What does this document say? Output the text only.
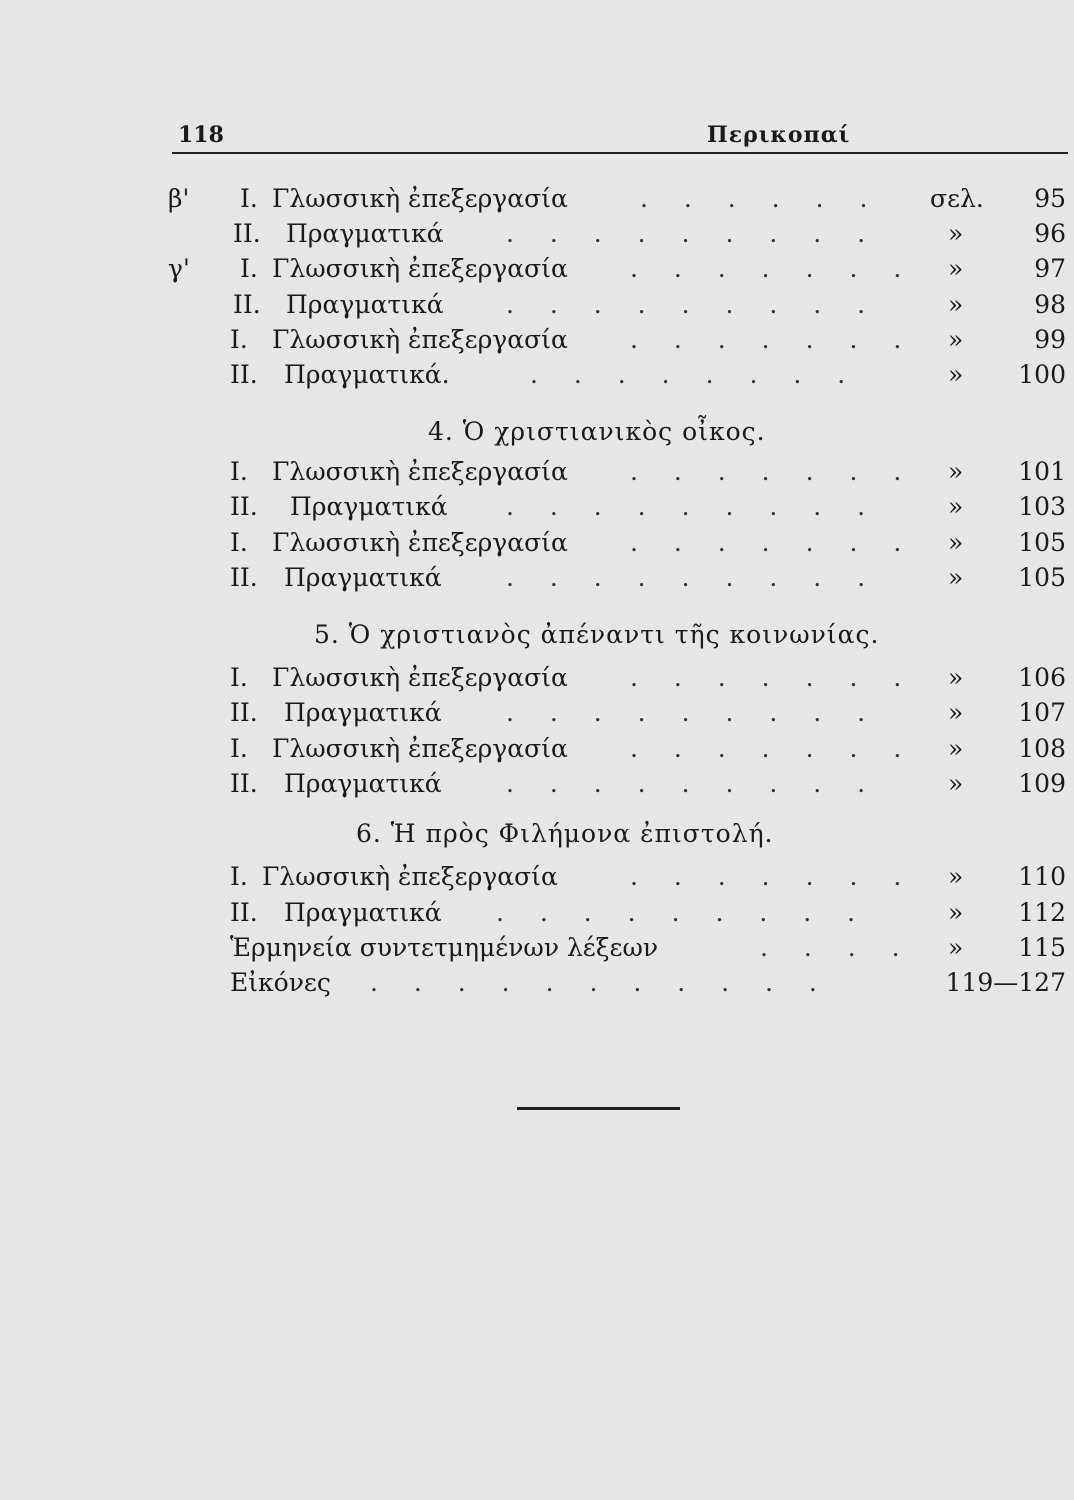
118	Περικοπαί
β' I. Γλωσσικὴ ἐπεξεργασία	. . . . . . σελ. 95
II. Πραγματικά . . . . . . . . .	»	96
γ' I. Γλωσσικὴ ἐπεξεργασία . . . . . . . »	97
II. Πραγματικά . . . . . . . . .	»	98
I. Γλωσσικὴ ἐπεξεργασία . . . . . . . »	99
II. Πραγματικά.	. . . . . . . .	» 100
4. Ὁ χριστιανικὸς οἶκος.
I. Γλωσσικὴ ἐπεξεργασία . . . . . . . » 101
II. Πραγματικά . . . . . . . . .	» 103
I. Γλωσσικὴ ἐπεξεργασία . . . . . . . » 105
II. Πραγματικά	. . . . . . . . .	» 105
5. Ὁ χριστιανὸς ἀπέναντι τῆς κοινωνίας.
I. Γλωσσικὴ ἐπεξεργασία . . . . . . . » 106
II. Πραγματικά	. . . . . . . . .	» 107
I. Γλωσσικὴ ἐπεξεργασία . . . . . . . » 108
II. Πραγματικά	. . . . . . . . .	» 109
6. Ἡ πρὸς Φιλήμονα ἐπιστολή.
I. Γλωσσικὴ ἐπεξεργασία	. . . . . . . » 110
II. Πραγματικά . . . . . . . . .	» 112
Ἑρμηνεία συντετμημένων λέξεων	. . . . » 115
Εἰκόνες . . . . . . . . . . .	119—127
